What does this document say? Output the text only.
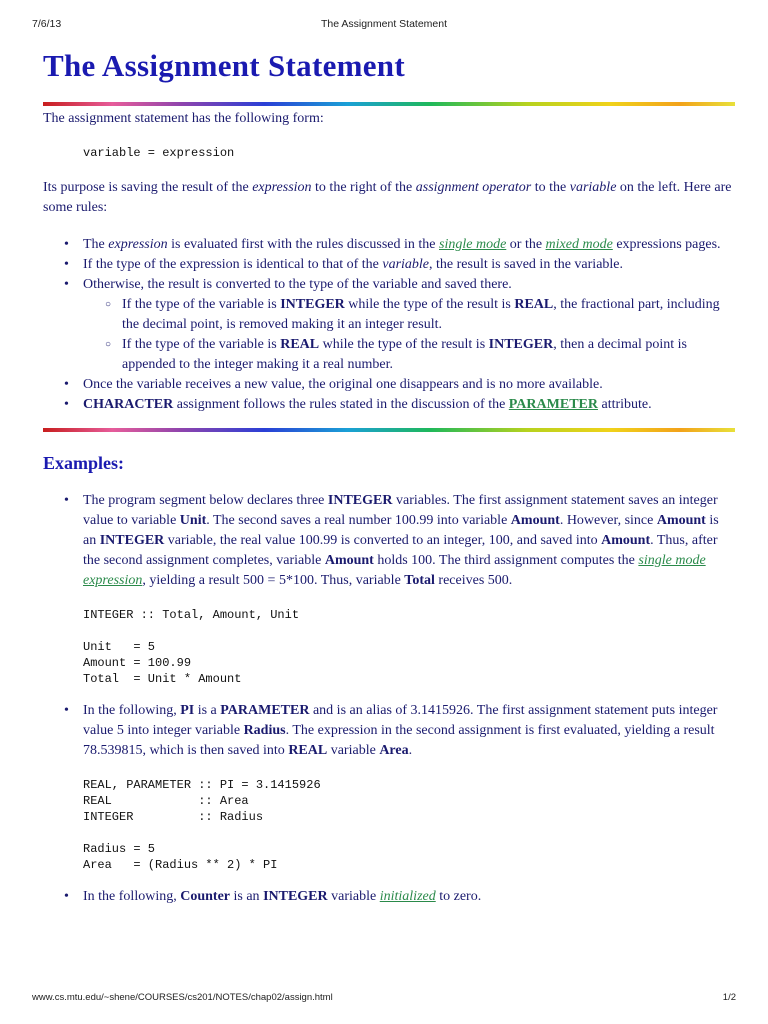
7/6/13	The Assignment Statement
The Assignment Statement

The assignment statement has the following form:

variable = expression

Its purpose is saving the result of the expression to the right of the assignment operator to the variable on the left. Here are some rules:

• The expression is evaluated first with the rules discussed in the single mode or the mixed mode expressions pages.
• If the type of the expression is identical to that of the variable, the result is saved in the variable.
• Otherwise, the result is converted to the type of the variable and saved there.
○ If the type of the variable is INTEGER while the type of the result is REAL, the fractional part, including the decimal point, is removed making it an integer result.
○ If the type of the variable is REAL while the type of the result is INTEGER, then a decimal point is appended to the integer making it a real number.
• Once the variable receives a new value, the original one disappears and is no more available.
• CHARACTER assignment follows the rules stated in the discussion of the PARAMETER attribute.
Examples:
• The program segment below declares three INTEGER variables. The first assignment statement saves an integer value to variable Unit. The second saves a real number 100.99 into variable Amount. However, since Amount is an INTEGER variable, the real value 100.99 is converted to an integer, 100, and saved into Amount. Thus, after the second assignment completes, variable Amount holds 100. The third assignment computes the single mode expression, yielding a result 500 = 5*100. Thus, variable Total receives 500.
INTEGER :: Total, Amount, Unit

Unit   = 5
Amount = 100.99
Total  = Unit * Amount
• In the following, PI is a PARAMETER and is an alias of 3.1415926. The first assignment statement puts integer value 5 into integer variable Radius. The expression in the second assignment is first evaluated, yielding a result 78.539815, which is then saved into REAL variable Area.
REAL, PARAMETER :: PI = 3.1415926
REAL            :: Area
INTEGER         :: Radius

Radius = 5
Area   = (Radius ** 2) * PI
• In the following, Counter is an INTEGER variable initialized to zero.
www.cs.mtu.edu/~shene/COURSES/cs201/NOTES/chap02/assign.html	1/2
